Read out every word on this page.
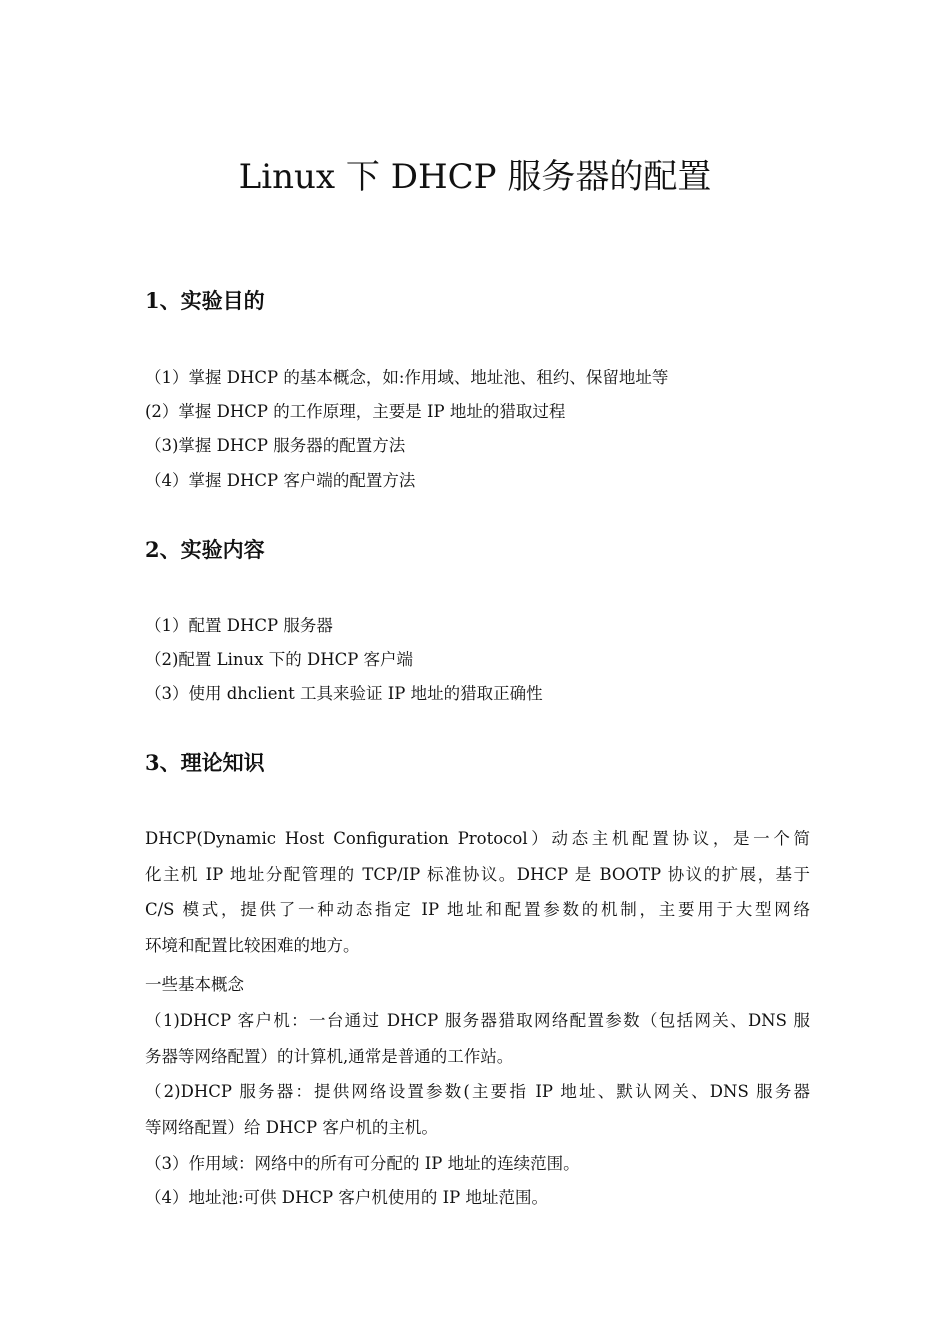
Linux 下 DHCP 服务器的配置
1、实验目的

（1）掌握 DHCP 的基本概念，如:作用域、地址池、租约、保留地址等

(2）掌握 DHCP 的工作原理，主要是 IP 地址的猎取过程

（3)掌握 DHCP 服务器的配置方法

（4）掌握 DHCP 客户端的配置方法

2、实验内容

（1）配置 DHCP 服务器

（2)配置 Linux 下的 DHCP 客户端

（3）使用 dhclient 工具来验证 IP 地址的猎取正确性

3、理论知识
DHCP(Dynamic Host Configuration Protocol）动态主机配置协议，是一个简
化主机 IP 地址分配管理的 TCP/IP 标准协议。DHCP 是 BOOTP 协议的扩展，基于
C/S 模式，提供了一种动态指定 IP 地址和配置参数的机制，主要用于大型网络
环境和配置比较困难的地方。

一些基本概念

（1)DHCP 客户机：一台通过 DHCP 服务器猎取网络配置参数（包括网关、DNS 服
务器等网络配置）的计算机,通常是普通的工作站。
（2)DHCP 服务器：提供网络设置参数(主要指 IP 地址、默认网关、DNS 服务器
等网络配置）给 DHCP 客户机的主机。

（3）作用域：网络中的所有可分配的 IP 地址的连续范围。

（4）地址池:可供 DHCP 客户机使用的 IP 地址范围。
